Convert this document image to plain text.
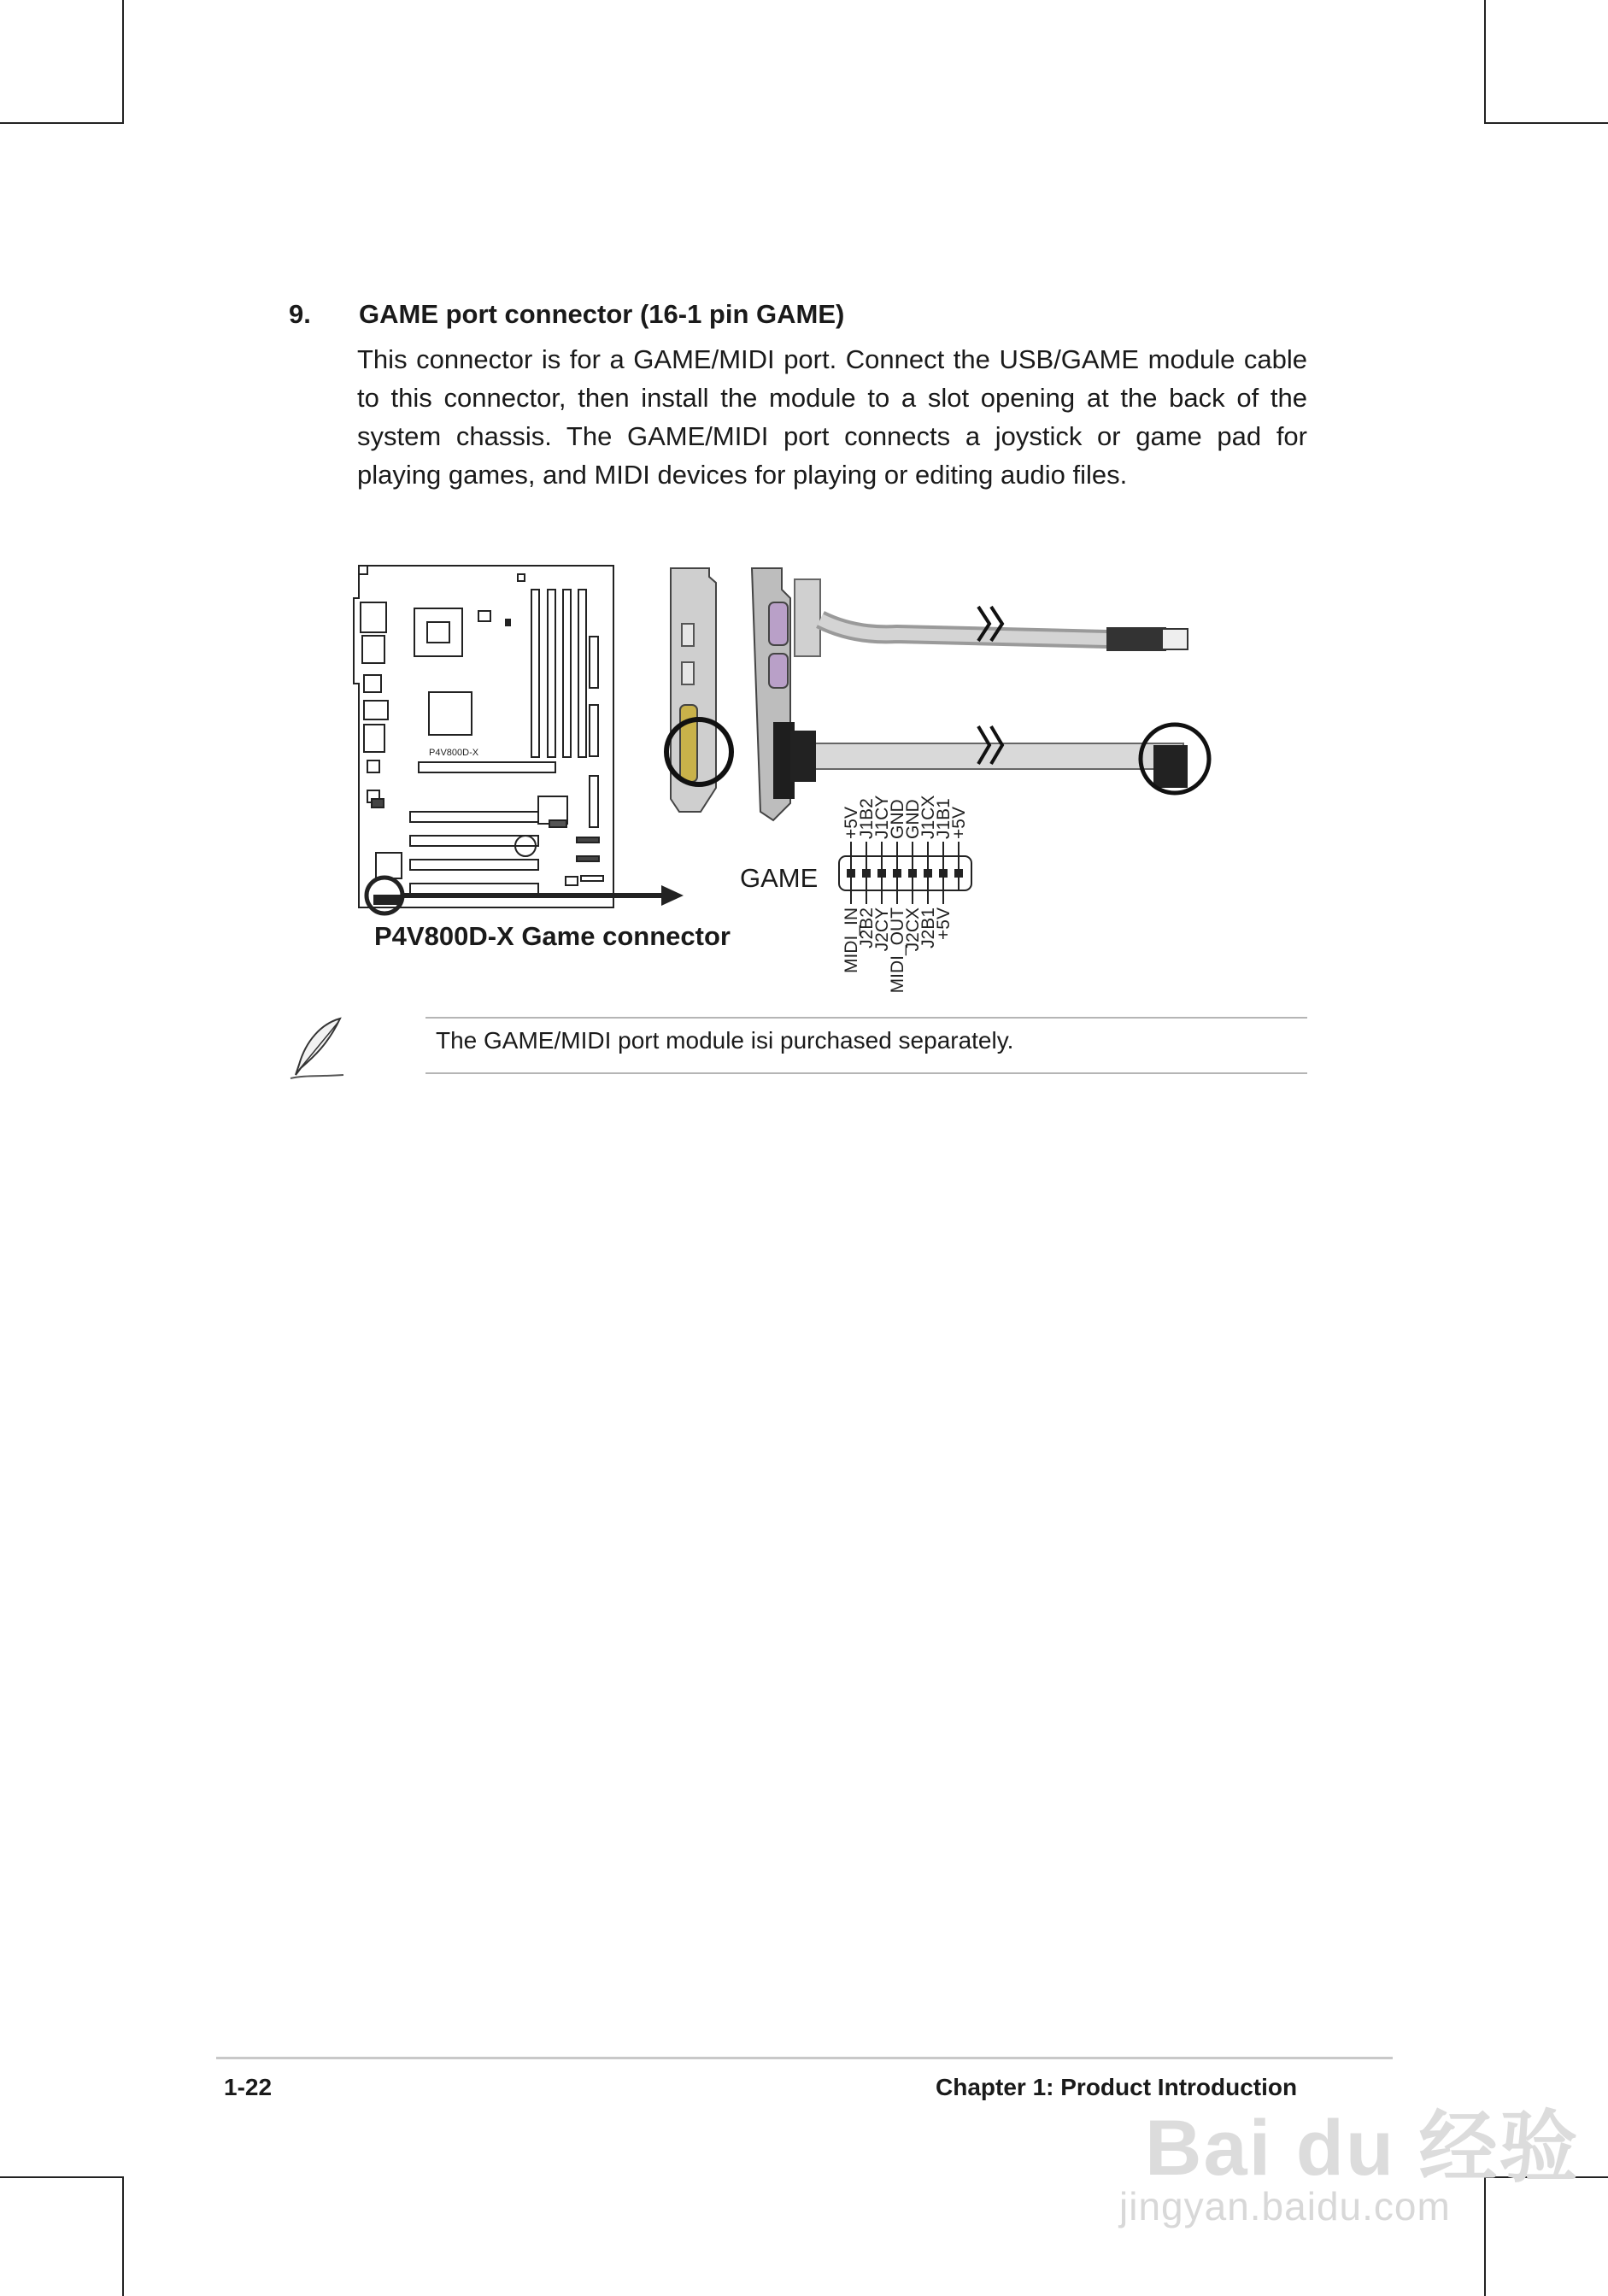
9. GAME port connector (16-1 pin GAME)
This connector is for a GAME/MIDI port. Connect the USB/GAME module cable to this connector, then install the module to a slot opening at the back of the system chassis. The GAME/MIDI port connects a joystick or game pad for playing games, and MIDI devices for playing or editing audio files.
P4V800D-X
+5V
J1B2
J1CY
GND
GND
J1CX
J1B1
+5V
MIDI_IN
J2B2
J2CY
MIDI_OUT
J2CX
J2B1
+5V
GAME
P4V800D-X Game connector
The GAME/MIDI port module isi purchased separately.
1-22	Chapter 1: Product Introduction
Bai du 经验
jingyan.baidu.com
